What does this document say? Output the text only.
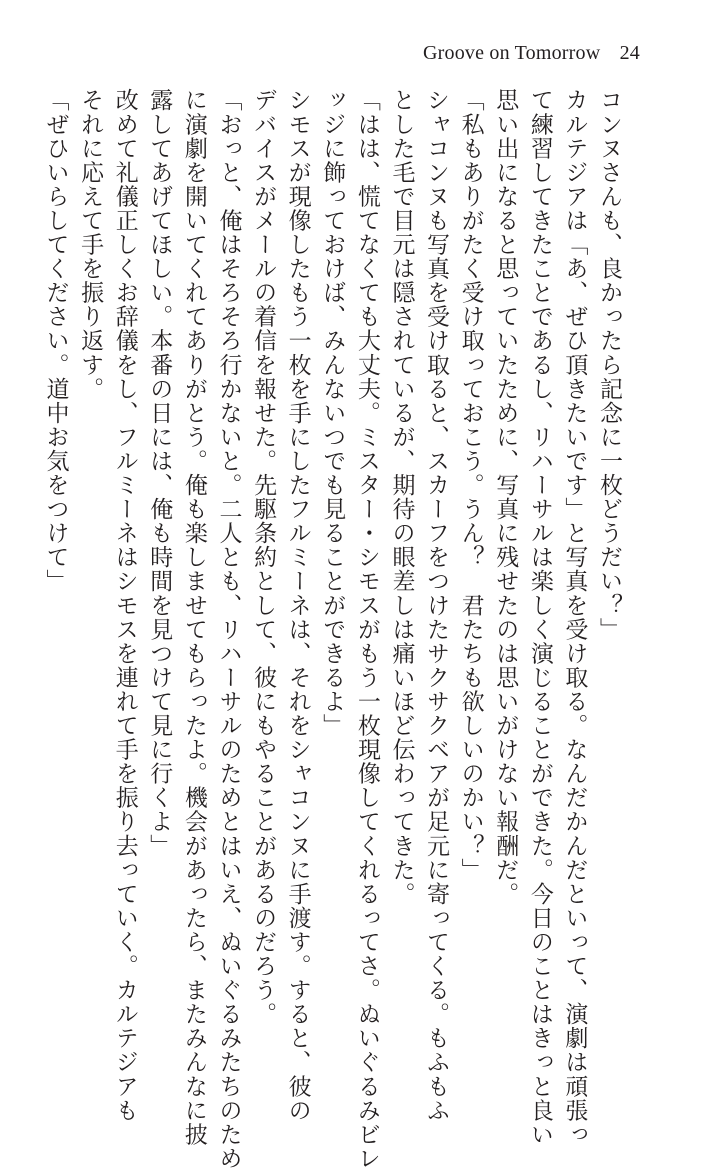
Groove on Tomorrow 24
コンヌさんも、良かったら記念に一枚どうだい？」
カルテジアは「あ、ぜひ頂きたいです」と写真を受け取る。なんだかんだといって、演劇は頑張っ
て練習してきたことであるし、リハーサルは楽しく演じることができた。今日のことはきっと良い
思い出になると思っていたために、写真に残せたのは思いがけない報酬だ。
「私もありがたく受け取っておこう。うん？　君たちも欲しいのかい？」
シャコンヌも写真を受け取ると、スカーフをつけたサクサクベアが足元に寄ってくる。もふもふ
とした毛で目元は隠されているが、期待の眼差しは痛いほど伝わってきた。
「はは、慌てなくても大丈夫。ミスター・シモスがもう一枚現像してくれるってさ。ぬいぐるみビレ
ッジに飾っておけば、みんないつでも見ることができるよ」
シモスが現像したもう一枚を手にしたフルミーネは、それをシャコンヌに手渡す。すると、彼の
デバイスがメールの着信を報せた。先駆条約として、彼にもやることがあるのだろう。
「おっと、俺はそろそろ行かないと。二人とも、リハーサルのためとはいえ、ぬいぐるみたちのため
に演劇を開いてくれてありがとう。俺も楽しませてもらったよ。機会があったら、またみんなに披
露してあげてほしい。本番の日には、俺も時間を見つけて見に行くよ」
改めて礼儀正しくお辞儀をし、フルミーネはシモスを連れて手を振り去っていく。カルテジアも
それに応えて手を振り返す。
「ぜひいらしてください。道中お気をつけて」
